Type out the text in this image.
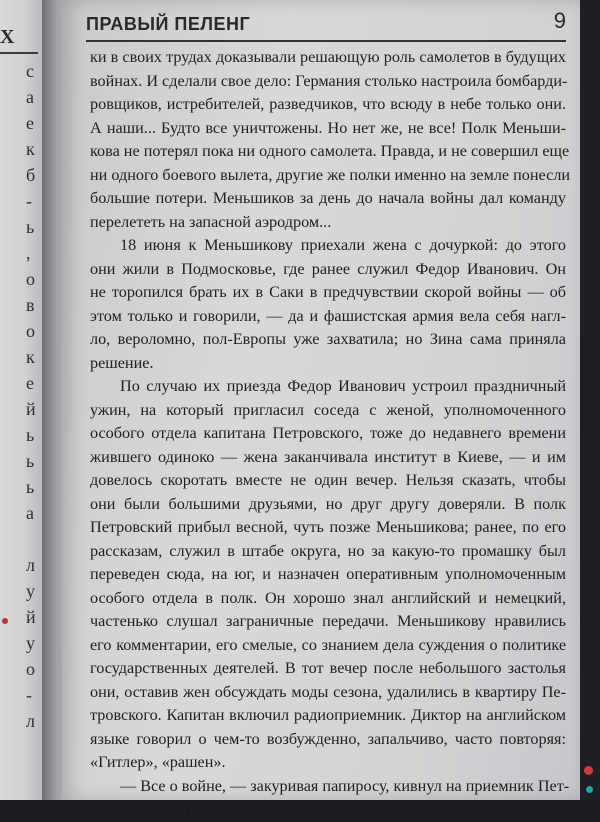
Х
с
а
е
к
б
-
ь
,
о
в
о
к
е
й
ь
ь
ь
а
л
у
й
у
о
-
л
ПРАВЫЙ ПЕЛЕНГ	9
ки в своих трудах доказывали решающую роль самолетов в будущих
войнах. И сделали свое дело: Германия столько настроила бомбарди-
ровщиков, истребителей, разведчиков, что всюду в небе только они.
А наши... Будто все уничтожены. Но нет же, не все! Полк Меньши-
кова не потерял пока ни одного самолета. Правда, и не совершил еще
ни одного боевого вылета, другие же полки именно на земле понесли
большие потери. Меньшиков за день до начала войны дал команду
перелететь на запасной аэродром...
18 июня к Меньшикову приехали жена с дочуркой: до этого
они жили в Подмосковье, где ранее служил Федор Иванович. Он
не торопился брать их в Саки в предчувствии скорой войны — об
этом только и говорили, — да и фашистская армия вела себя нагл-
ло, вероломно, пол-Европы уже захватила; но Зина сама приняла
решение.
По случаю их приезда Федор Иванович устроил праздничный
ужин, на который пригласил соседа с женой, уполномоченного
особого отдела капитана Петровского, тоже до недавнего времени
жившего одиноко — жена заканчивала институт в Киеве, — и им
довелось скоротать вместе не один вечер. Нельзя сказать, чтобы
они были большими друзьями, но друг другу доверяли. В полк
Петровский прибыл весной, чуть позже Меньшикова; ранее, по его
рассказам, служил в штабе округа, но за какую-то промашку был
переведен сюда, на юг, и назначен оперативным уполномоченным
особого отдела в полк. Он хорошо знал английский и немецкий,
частенько слушал заграничные передачи. Меньшикову нравились
его комментарии, его смелые, со знанием дела суждения о политике
государственных деятелей. В тот вечер после небольшого застолья
они, оставив жен обсуждать моды сезона, удалились в квартиру Пе-
тровского. Капитан включил радиоприемник. Диктор на английском
языке говорил о чем-то возбужденно, запальчиво, часто повторяя:
«Гитлер», «рашен».
— Все о войне, — закуривая папиросу, кивнул на приемник Пет-
ровский. — Говорят, что Гитлер сосредоточил и развернул вдоль
